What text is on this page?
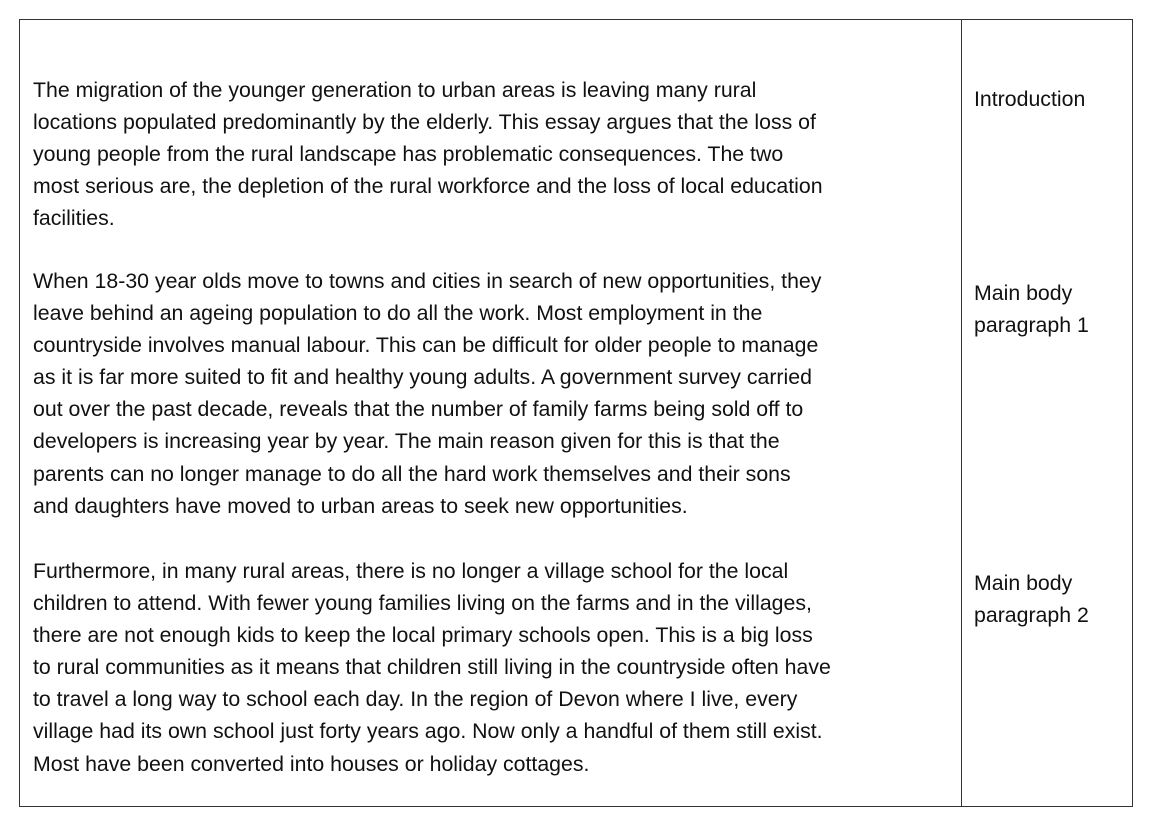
The migration of the younger generation to urban areas is leaving many rural
locations populated predominantly by the elderly. This essay argues that the loss of
young people from the rural landscape has problematic consequences. The two
most serious are, the depletion of the rural workforce and the loss of local education
facilities.

Introduction

When 18-30 year olds move to towns and cities in search of new opportunities, they
leave behind an ageing population to do all the work. Most employment in the
countryside involves manual labour. This can be difficult for older people to manage
as it is far more suited to fit and healthy young adults. A government survey carried
out over the past decade, reveals that the number of family farms being sold off to
developers is increasing year by year. The main reason given for this is that the
parents can no longer manage to do all the hard work themselves and their sons
and daughters have moved to urban areas to seek new opportunities.

Main body
paragraph 1

Furthermore, in many rural areas, there is no longer a village school for the local
children to attend. With fewer young families living on the farms and in the villages,
there are not enough kids to keep the local primary schools open. This is a big loss
to rural communities as it means that children still living in the countryside often have
to travel a long way to school each day. In the region of Devon where I live, every
village had its own school just forty years ago. Now only a handful of them still exist.
Most have been converted into houses or holiday cottages.

Main body
paragraph 2
